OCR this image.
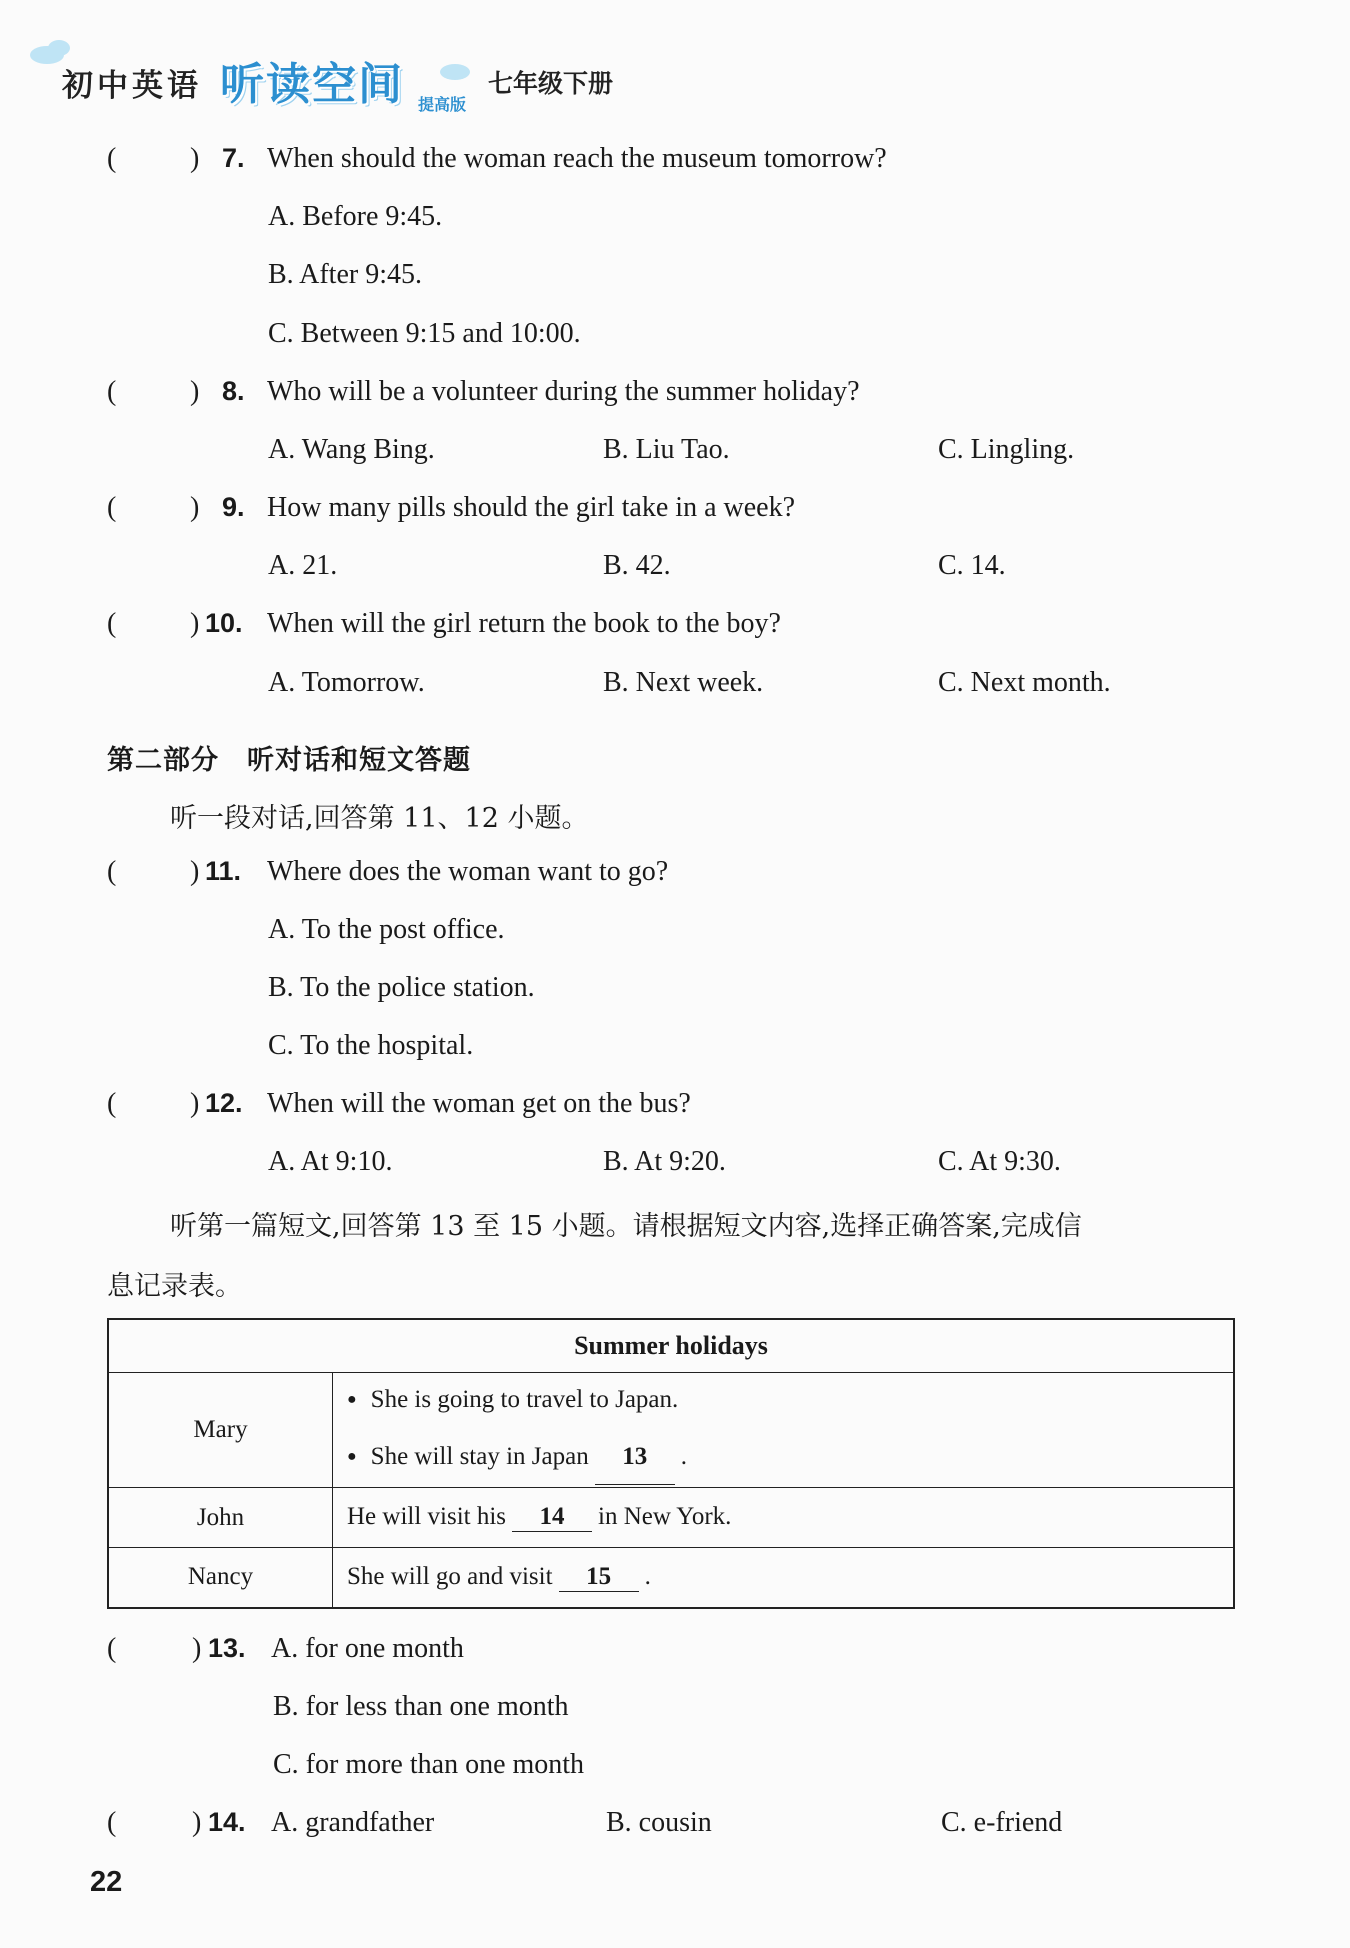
初中英语 听读空间 提高版
七年级下册
(	) 7. When should the woman reach the museum tomorrow?
A. Before 9:45.
B. After 9:45.
C. Between 9:15 and 10:00.
(	) 8. Who will be a volunteer during the summer holiday?
A. Wang Bing.	B. Liu Tao.	C. Lingling.
(	) 9. How many pills should the girl take in a week?
A. 21.	B. 42.	C. 14.
(	) 10. When will the girl return the book to the boy?
A. Tomorrow.	B. Next week.	C. Next month.
第二部分　听对话和短文答题
听一段对话,回答第 11、12 小题。
(	) 11. Where does the woman want to go?
A. To the post office.
B. To the police station.
C. To the hospital.
(	) 12. When will the woman get on the bus?
A. At 9:10.	B. At 9:20.	C. At 9:30.
听第一篇短文,回答第 13 至 15 小题。请根据短文内容,选择正确答案,完成信
息记录表。
Summer holidays	
Mary	● She is going to travel to Japan.
● She will stay in Japan 13 .

John	He will visit his 14 in New York.
Nancy	She will go and visit 15 .
(	) 13. A. for one month
B. for less than one month
C. for more than one month
(	) 14. A. grandfather	B. cousin	C. e-friend
22
